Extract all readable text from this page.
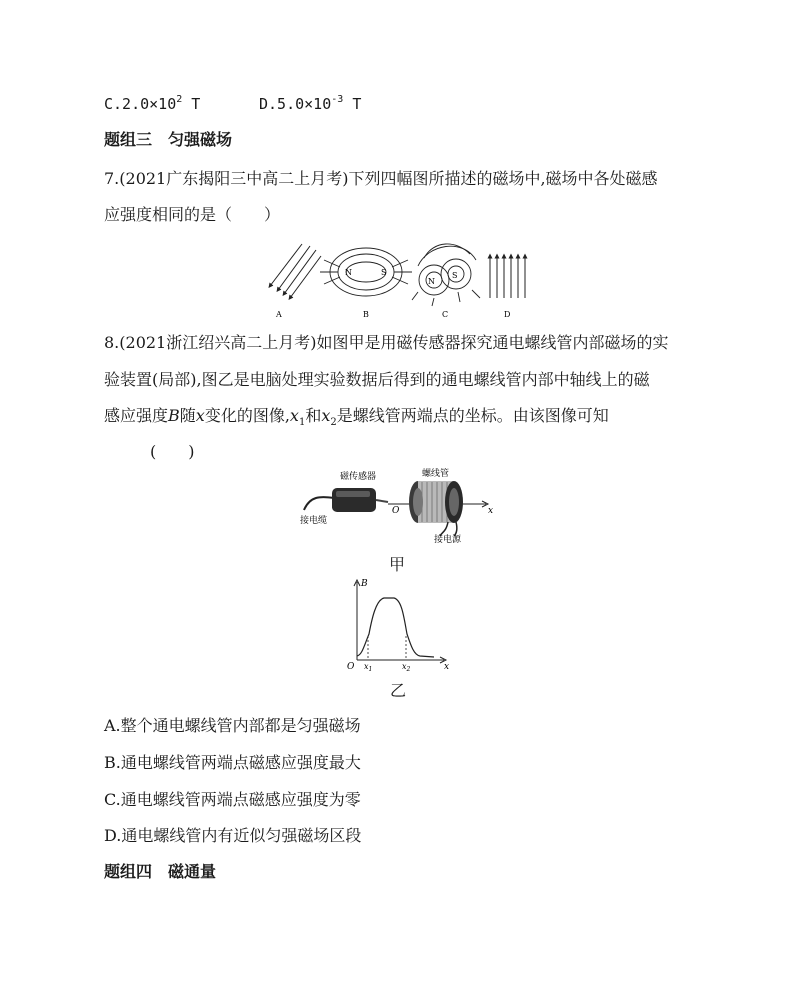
$C.2.0\times 10^2$ T	$D.5.0\times 10^{-3}$ T
题组三　匀强磁场
7.(2021广东揭阳三中高二上月考)下列四幅图所描述的磁场中,磁场中各处磁感
应强度相同的是（　　）
A
N	S
B
N
S
C	D
8.(2021浙江绍兴高二上月考)如图甲是用磁传感器探究通电螺线管内部磁场的实
验装置(局部),图乙是电脑处理实验数据后得到的通电螺线管内部中轴线上的磁
感应强度B随x变化的图像$,x_1$和$x_2$是螺线管两端点的坐标。由该图像可知
(　　)
磁传感器	螺线管
接电缆
接电源
O	x
甲
B
x
O $x_1$	$x_2$
乙
A.整个通电螺线管内部都是匀强磁场
B.通电螺线管两端点磁感应强度最大
C.通电螺线管两端点磁感应强度为零
D.通电螺线管内有近似匀强磁场区段
题组四　磁通量
